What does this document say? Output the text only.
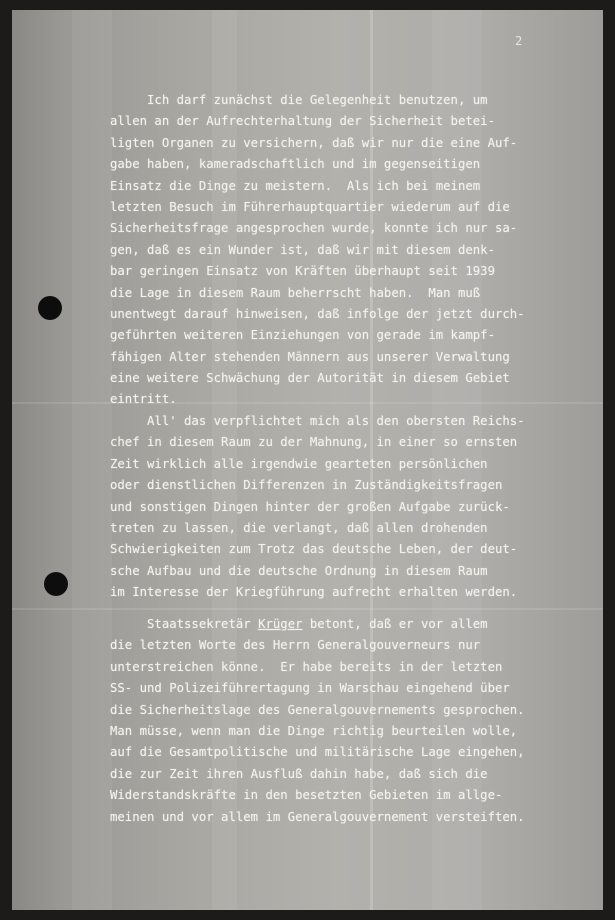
2
Ich darf zunächst die Gelegenheit benutzen, um
allen an der Aufrechterhaltung der Sicherheit betei-
ligten Organen zu versichern, daß wir nur die eine Auf-
gabe haben, kameradschaftlich und im gegenseitigen
Einsatz die Dinge zu meistern.  Als ich bei meinem
letzten Besuch im Führerhauptquartier wiederum auf die
Sicherheitsfrage angesprochen wurde, konnte ich nur sa-
gen, daß es ein Wunder ist, daß wir mit diesem denk-
bar geringen Einsatz von Kräften überhaupt seit 1939
die Lage in diesem Raum beherrscht haben.  Man muß
unentwegt darauf hinweisen, daß infolge der jetzt durch-
geführten weiteren Einziehungen von gerade im kampf-
fähigen Alter stehenden Männern aus unserer Verwaltung
eine weitere Schwächung der Autorität in diesem Gebiet
eintritt.
All' das verpflichtet mich als den obersten Reichs-
chef in diesem Raum zu der Mahnung, in einer so ernsten
Zeit wirklich alle irgendwie gearteten persönlichen
oder dienstlichen Differenzen in Zuständigkeitsfragen
und sonstigen Dingen hinter der großen Aufgabe zurück-
treten zu lassen, die verlangt, daß allen drohenden
Schwierigkeiten zum Trotz das deutsche Leben, der deut-
sche Aufbau und die deutsche Ordnung in diesem Raum
im Interesse der Kriegführung aufrecht erhalten werden.
Staatssekretär Krüger betont, daß er vor allem
die letzten Worte des Herrn Generalgouverneurs nur
unterstreichen könne.  Er habe bereits in der letzten
SS- und Polizeiführertagung in Warschau eingehend über
die Sicherheitslage des Generalgouvernements gesprochen.
Man müsse, wenn man die Dinge richtig beurteilen wolle,
auf die Gesamtpolitische und militärische Lage eingehen,
die zur Zeit ihren Ausfluß dahin habe, daß sich die
Widerstandskräfte in den besetzten Gebieten im allge-
meinen und vor allem im Generalgouvernement versteiften.
